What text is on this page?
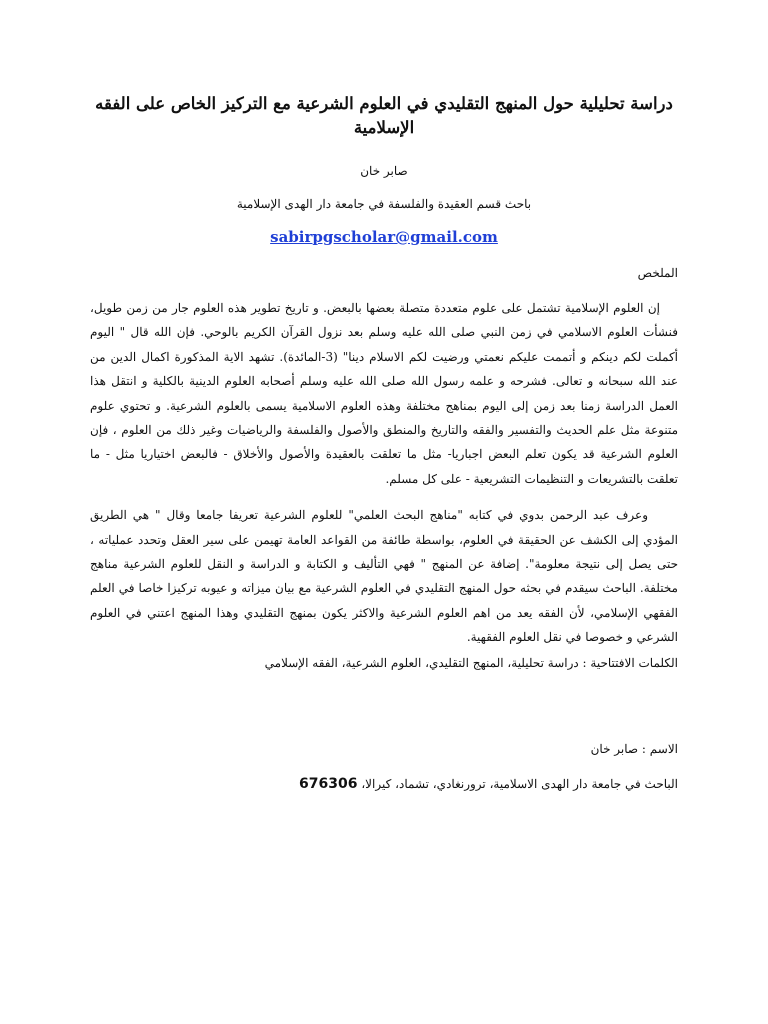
دراسة تحليلية حول المنهج التقليدي في العلوم الشرعية مع التركيز الخاص على الفقه الإسلامية

صابر خان

باحث قسم العقيدة والفلسفة في جامعة دار الهدى الإسلامية

sabirpgscholar@gmail.com

الملخص

إن العلوم الإسلامية تشتمل على علوم متعددة متصلة بعضها بالبعض. و تاريخ تطوير هذه العلوم جار من زمن طويل، فنشأت العلوم الاسلامي في زمن النبي صلى الله عليه وسلم بعد نزول القرآن الكريم بالوحي. فإن الله قال " اليوم أكملت لكم دينكم و أتممت عليكم نعمتي ورضيت لكم الاسلام دينا" (3-المائدة). تشهد الاية المذكورة اكمال الدين من عند الله سبحانه و تعالى. فشرحه و علمه رسول الله صلى الله عليه وسلم أصحابه العلوم الدينية بالكلية و انتقل هذا العمل الدراسة زمنا بعد زمن إلى اليوم بمناهج مختلفة وهذه العلوم الاسلامية يسمى بالعلوم الشرعية. و تحتوي علوم متنوعة مثل علم الحديث والتفسير والفقه والتاريخ والمنطق والأصول والفلسفة والرياضيات وغير ذلك من العلوم ، فإن العلوم الشرعية قد يكون تعلم البعض اجباريا- مثل ما تعلقت بالعقيدة والأصول والأخلاق - فالبعض اختياريا مثل - ما تعلقت بالتشريعات و التنظيمات التشريعية - على كل مسلم.

وعرف عبد الرحمن بدوي في كتابه "مناهج البحث العلمي" للعلوم الشرعية تعريفا جامعا وقال " هي الطريق المؤدي إلى الكشف عن الحقيقة في العلوم، بواسطة طائفة من القواعد العامة تهيمن على سير العقل وتحدد عملياته ، حتى يصل إلى نتيجة معلومة". إضافة عن المنهج " فهي التأليف و الكتابة و الدراسة و النقل للعلوم الشرعية مناهج مختلفة. الباحث سيقدم في بحثه حول المنهج التقليدي في العلوم الشرعية مع بيان ميزاته و عيوبه تركيزا خاصا في العلم الفقهي الإسلامي، لأن الفقه يعد من اهم العلوم الشرعية والاكثر يكون بمنهج التقليدي وهذا المنهج اعتني في العلوم الشرعي و خصوصا في نقل العلوم الفقهية.

الكلمات الافتتاحية : دراسة تحليلية، المنهج التقليدي، العلوم الشرعية، الفقه الإسلامي

الاسم : صابر خان

الباحث في جامعة دار الهدى الاسلامية، ترورنغادي، تشماد، كيرالا، 676306
